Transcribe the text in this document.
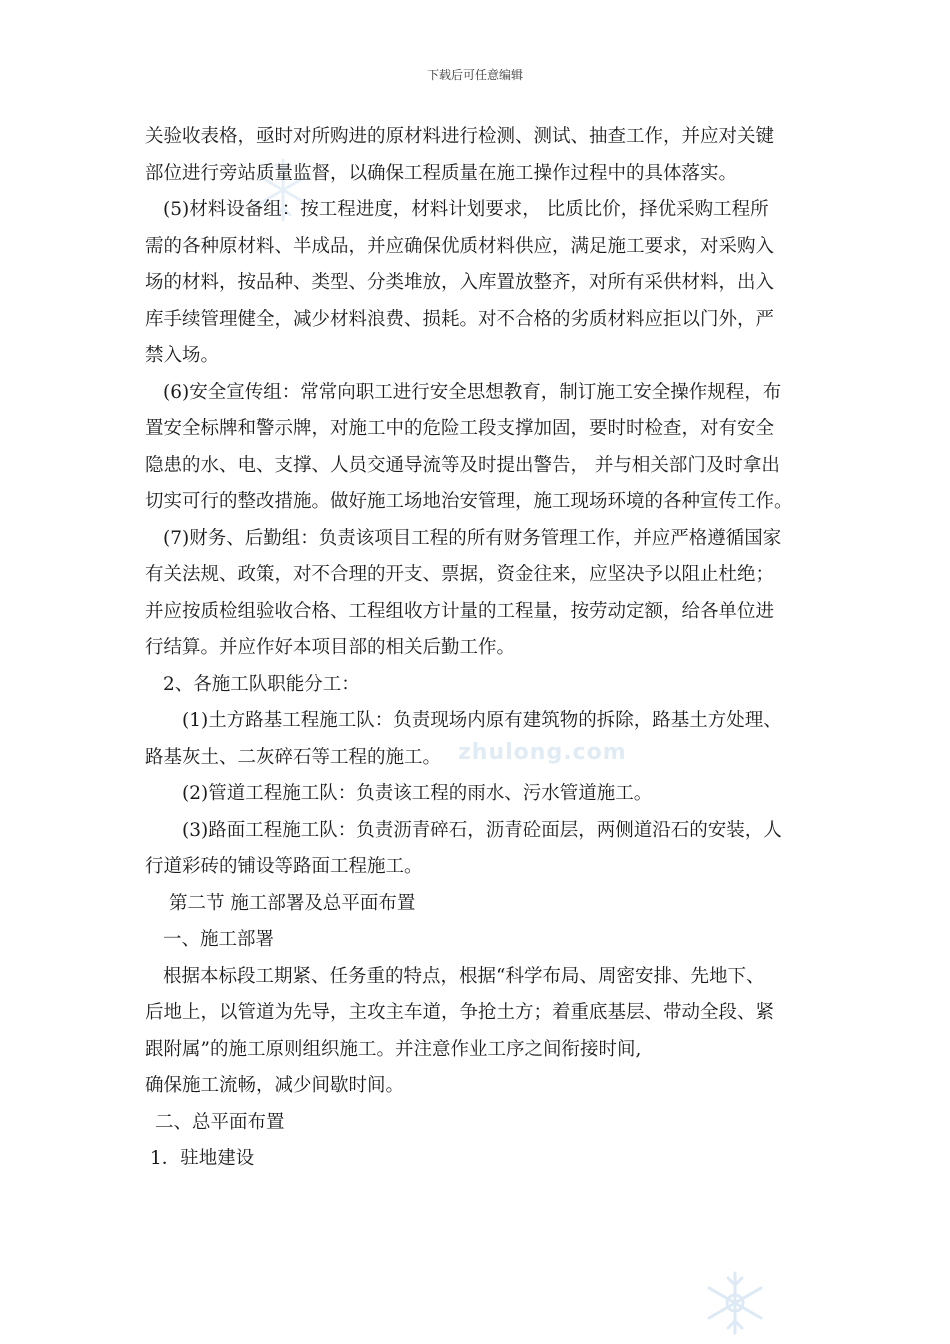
下载后可任意编辑
zhulong.com
关验收表格，亟时对所购进的原材料进行检测、测试、抽查工作，并应对关键
部位进行旁站质量监督，以确保工程质量在施工操作过程中的具体落实。
(5)材料设备组：按工程进度，材料计划要求， 比质比价，择优采购工程所
需的各种原材料、半成品，并应确保优质材料供应，满足施工要求，对采购入
场的材料，按品种、类型、分类堆放，入库置放整齐，对所有采供材料，出入
库手续管理健全，减少材料浪费、损耗。对不合格的劣质材料应拒以门外，严
禁入场。
(6)安全宣传组：常常向职工进行安全思想教育，制订施工安全操作规程，布
置安全标牌和警示牌，对施工中的危险工段支撑加固，要时时检查，对有安全
隐患的水、电、支撑、人员交通导流等及时提出警告， 并与相关部门及时拿出
切实可行的整改措施。做好施工场地治安管理，施工现场环境的各种宣传工作。
(7)财务、后勤组：负责该项目工程的所有财务管理工作，并应严格遵循国家
有关法规、政策，对不合理的开支、票据，资金往来，应坚决予以阻止杜绝；
并应按质检组验收合格、工程组收方计量的工程量，按劳动定额，给各单位进
行结算。并应作好本项目部的相关后勤工作。
2、各施工队职能分工：
(1)土方路基工程施工队：负责现场内原有建筑物的拆除，路基土方处理、
路基灰土、二灰碎石等工程的施工。
(2)管道工程施工队：负责该工程的雨水、污水管道施工。
(3)路面工程施工队：负责沥青碎石，沥青砼面层，两侧道沿石的安装，人
行道彩砖的铺设等路面工程施工。
第二节 施工部署及总平面布置
一、施工部署
根据本标段工期紧、任务重的特点，根据“科学布局、周密安排、先地下、
后地上，以管道为先导，主攻主车道，争抢土方；着重底基层、带动全段、紧
跟附属”的施工原则组织施工。并注意作业工序之间衔接时间,
确保施工流畅，减少间歇时间。
二、总平面布置
1．驻地建设
